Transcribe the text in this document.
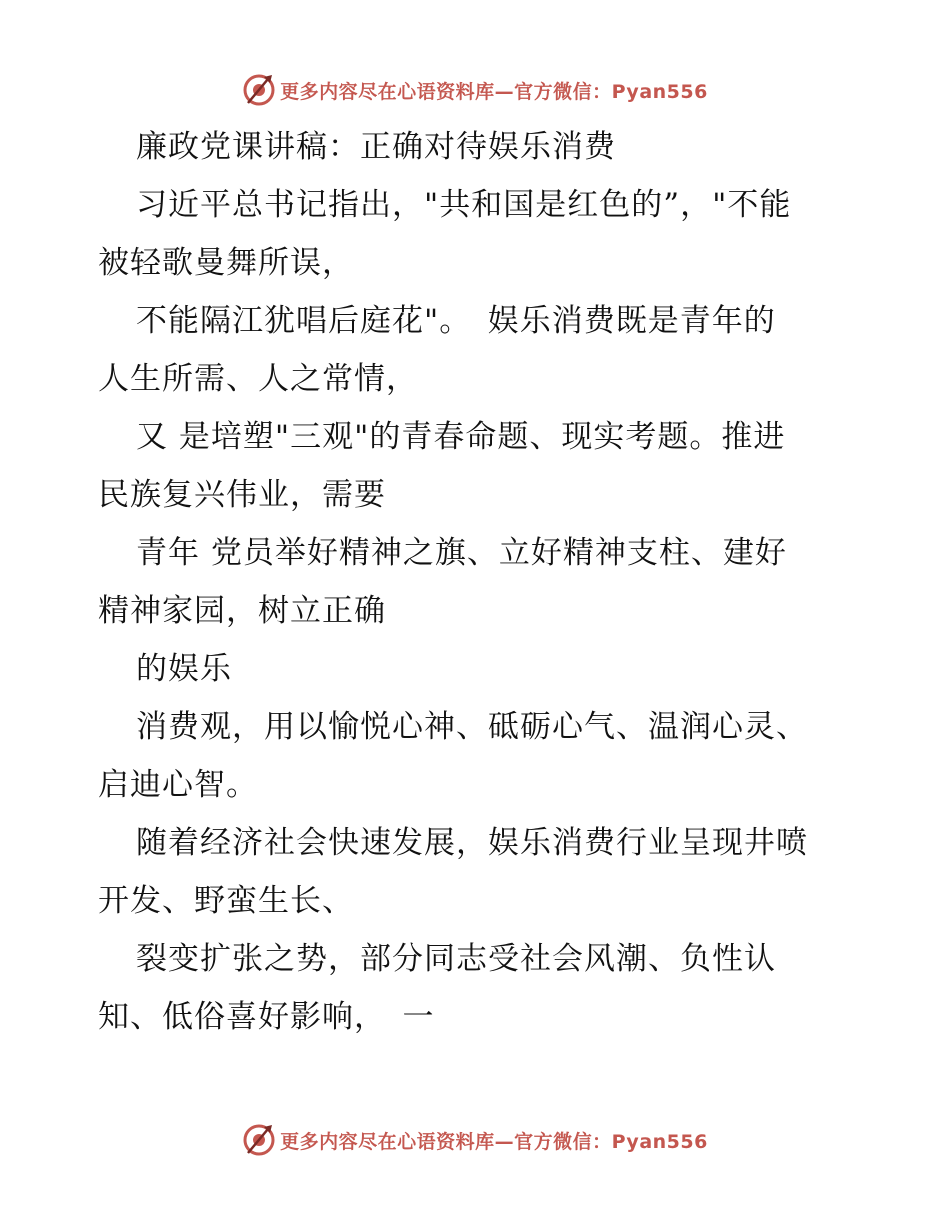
更多内容尽在心语资料库—官方微信：Pyan556
廉政党课讲稿：正确对待娱乐消费
习近平总书记指出，"共和国是红色的”，"不能
被轻歌曼舞所误，
不能隔江犹唱后庭花"。　娱乐消费既是青年的
人生所需、人之常情，
又 是培塑"三观"的青春命题、现实考题。推进
民族复兴伟业，需要
青年 党员举好精神之旗、立好精神支柱、建好
精神家园，树立正确
的娱乐
消费观，用以愉悦心神、砥砺心气、温润心灵、
启迪心智。
随着经济社会快速发展，娱乐消费行业呈现井喷
开发、野蛮生长、
裂变扩张之势，部分同志受社会风潮、负性认
知、低俗喜好影响，　一
更多内容尽在心语资料库—官方微信：Pyan556
